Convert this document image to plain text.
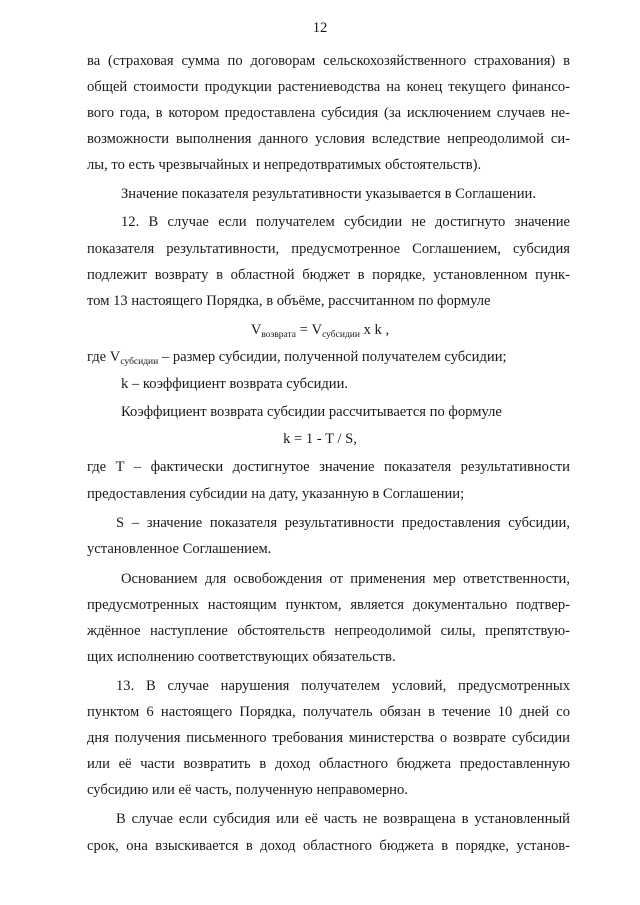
12
ва (страховая сумма по договорам сельскохозяйственного страхования) в
общей стоимости продукции растениеводства на конец текущего финансо-
вого года, в котором предоставлена субсидия (за исключением случаев не-
возможности выполнения данного условия вследствие непреодолимой си-
лы, то есть чрезвычайных и непредотвратимых обстоятельств).
Значение показателя результативности указывается в Соглашении.
12. В случае если получателем субсидии не достигнуто значение
показателя результативности, предусмотренное Соглашением, субсидия
подлежит возврату в областной бюджет в порядке, установленном пунк-
том 13 настоящего Порядка, в объёме, рассчитанном по формуле
$V_{возврата} = V_{субсидии}$ x k ,
где $V_{субсидии}$ – размер субсидии, полученной получателем субсидии;
k – коэффициент возврата субсидии.
Коэффициент возврата субсидии рассчитывается по формуле
k = 1 - T / S,
где T – фактически достигнутое значение показателя результативности
предоставления субсидии на дату, указанную в Соглашении;
S – значение показателя результативности предоставления субсидии,
установленное Соглашением.
Основанием для освобождения от применения мер ответственности,
предусмотренных настоящим пунктом, является документально подтвер-
ждённое наступление обстоятельств непреодолимой силы, препятствую-
щих исполнению соответствующих обязательств.
13. В случае нарушения получателем условий, предусмотренных
пунктом 6 настоящего Порядка, получатель обязан в течение 10 дней со
дня получения письменного требования министерства о возврате субсидии
или её части возвратить в доход областного бюджета предоставленную
субсидию или её часть, полученную неправомерно.
В случае если субсидия или её часть не возвращена в установленный
срок, она взыскивается в доход областного бюджета в порядке, установ-
